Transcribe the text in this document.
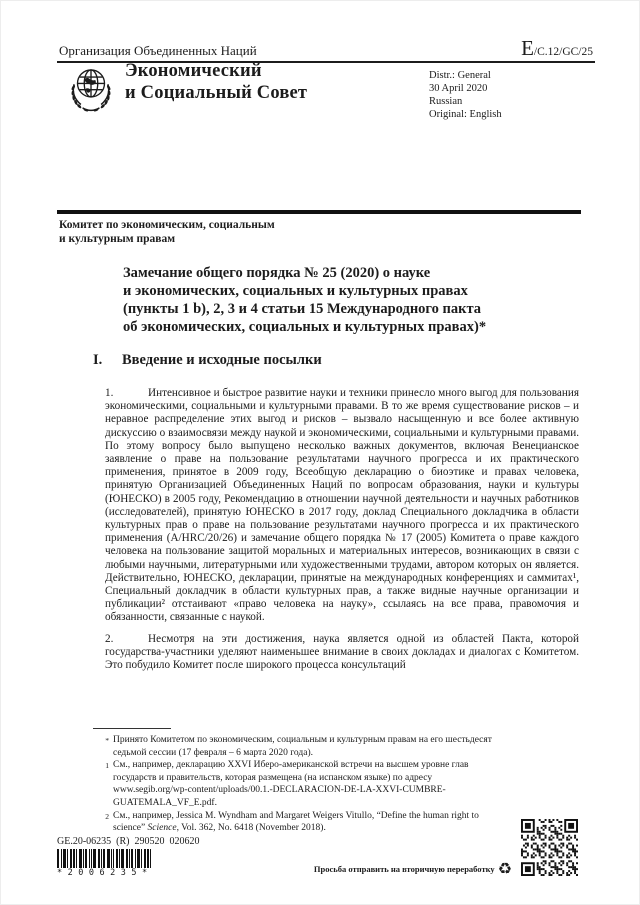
Организация Объединенных Наций	E/C.12/GC/25
Экономический
и Социальный Совет
Distr.: General
30 April 2020
Russian
Original: English
Комитет по экономическим, социальным
и культурным правам
Замечание общего порядка № 25 (2020) о науке
и экономических, социальных и культурных правах
(пункты 1 b), 2, 3 и 4 статьи 15 Международного пакта
об экономических, социальных и культурных правах)*
I. Введение и исходные посылки

1.	Интенсивное и быстрое развитие науки и техники принесло много выгод для пользования экономическими, социальными и культурными правами. В то же время существование рисков – и неравное распределение этих выгод и рисков – вызвало насыщенную и все более активную дискуссию о взаимосвязи между наукой и экономическими, социальными и культурными правами. По этому вопросу было выпущено несколько важных документов, включая Венецианское заявление о праве на пользование результатами научного прогресса и их практического применения, принятое в 2009 году, Всеобщую декларацию о биоэтике и правах человека, принятую Организацией Объединенных Наций по вопросам образования, науки и культуры (ЮНЕСКО) в 2005 году, Рекомендацию в отношении научной деятельности и научных работников (исследователей), принятую ЮНЕСКО в 2017 году, доклад Специального докладчика в области культурных прав о праве на пользование результатами научного прогресса и их практического применения (A/HRC/20/26) и замечание общего порядка № 17 (2005) Комитета о праве каждого человека на пользование защитой моральных и материальных интересов, возникающих в связи с любыми научными, литературными или художественными трудами, автором которых он является. Действительно, ЮНЕСКО, декларации, принятые на международных конференциях и саммитах¹, Специальный докладчик в области культурных прав, а также видные научные организации и публикации² отстаивают «право человека на науку», ссылаясь на все права, правомочия и обязанности, связанные с наукой.

2.	Несмотря на эти достижения, наука является одной из областей Пакта, которой государства-участники уделяют наименьшее внимание в своих докладах и диалогах с Комитетом. Это побудило Комитет после широкого процесса консультаций

* Принято Комитетом по экономическим, социальным и культурным правам на его шестьдесят
седьмой сессии (17 февраля – 6 марта 2020 года).
1 См., например, декларацию XXVI Иберо-американской встречи на высшем уровне глав
государств и правительств, которая размещена (на испанском языке) по адресу
www.segib.org/wp-content/uploads/00.1.-DECLARACION-DE-LA-XXVI-CUMBRE-
GUATEMALA_VF_E.pdf.
2 См., например, Jessica M. Wyndham and Margaret Weigers Vitullo, “Define the human right to
science” Science, Vol. 362, No. 6418 (November 2018).
GE.20-06235  (R)  290520  020620
*2006235*	Просьба отправить на вторичную переработку ♻
